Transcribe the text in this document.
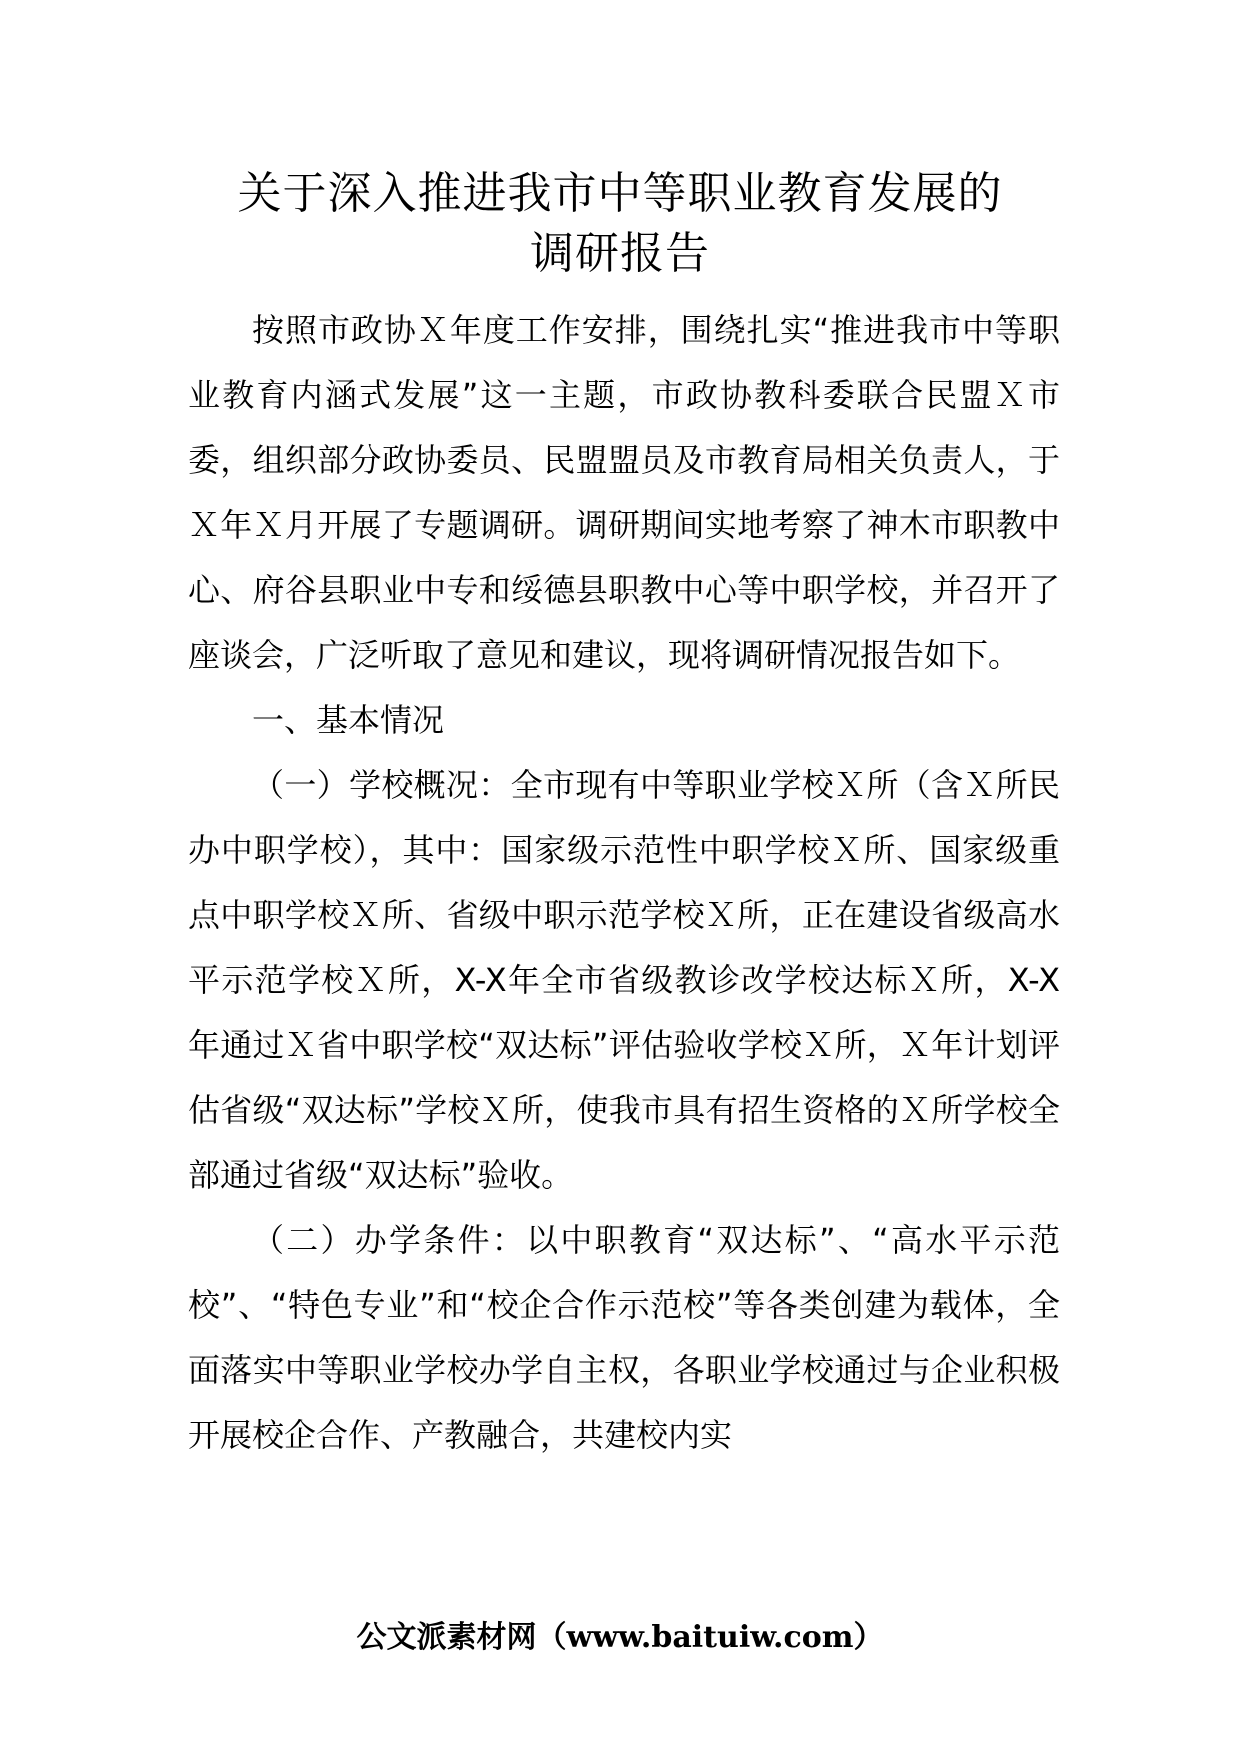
关于深入推进我市中等职业教育发展的
调研报告

按照市政协Ｘ年度工作安排，围绕扎实“推进我市中等职业教育内涵式发展”这一主题，市政协教科委联合民盟Ｘ市委，组织部分政协委员、民盟盟员及市教育局相关负责人，于Ｘ年Ｘ月开展了专题调研。调研期间实地考察了神木市职教中心、府谷县职业中专和绥德县职教中心等中职学校，并召开了座谈会，广泛听取了意见和建议，现将调研情况报告如下。

一、基本情况

（一）学校概况：全市现有中等职业学校Ｘ所（含Ｘ所民办中职学校），其中：国家级示范性中职学校Ｘ所、国家级重点中职学校Ｘ所、省级中职示范学校Ｘ所，正在建设省级高水平示范学校Ｘ所，X-X年全市省级教诊改学校达标Ｘ所，X-X年通过Ｘ省中职学校“双达标”评估验收学校Ｘ所，Ｘ年计划评估省级“双达标”学校Ｘ所，使我市具有招生资格的Ｘ所学校全部通过省级“双达标”验收。

（二）办学条件：以中职教育“双达标”、“高水平示范校”、“特色专业”和“校企合作示范校”等各类创建为载体，全面落实中等职业学校办学自主权，各职业学校通过与企业积极开展校企合作、产教融合，共建校内实

公文派素材网（www.baituiw.com）
